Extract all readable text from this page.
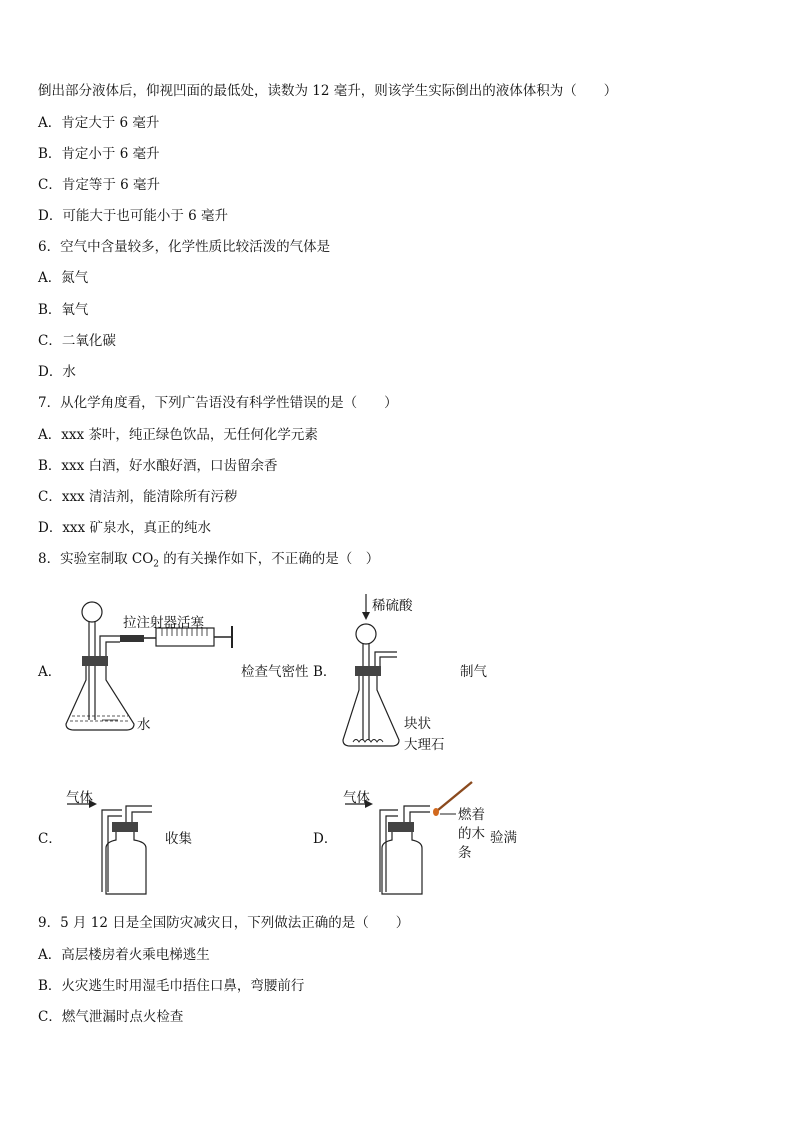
倒出部分液体后，仰视凹面的最低处，读数为 12 毫升，则该学生实际倒出的液体体积为（　　）
A．肯定大于 6 毫升
B．肯定小于 6 毫升
C．肯定等于 6 毫升
D．可能大于也可能小于 6 毫升
6．空气中含量较多，化学性质比较活泼的气体是
A．氮气
B．氧气
C．二氧化碳
D．水
7．从化学角度看，下列广告语没有科学性错误的是（　　）
A．xxx 茶叶，纯正绿色饮品，无任何化学元素
B．xxx 白酒，好水酿好酒，口齿留余香
C．xxx 清洁剂，能清除所有污秽
D．xxx 矿泉水，真正的纯水
8．实验室制取 $CO_2$ 的有关操作如下，不正确的是（　）
A．
拉注射器活塞
水
检查气密性 B．
稀硫酸
块状
大理石
制气
C．
气体
收集	D．
气体
燃着
的木
条
验满
9．5 月 12 日是全国防灾减灾日，下列做法正确的是（　　）
A．高层楼房着火乘电梯逃生
B．火灾逃生时用湿毛巾捂住口鼻，弯腰前行
C．燃气泄漏时点火检查
